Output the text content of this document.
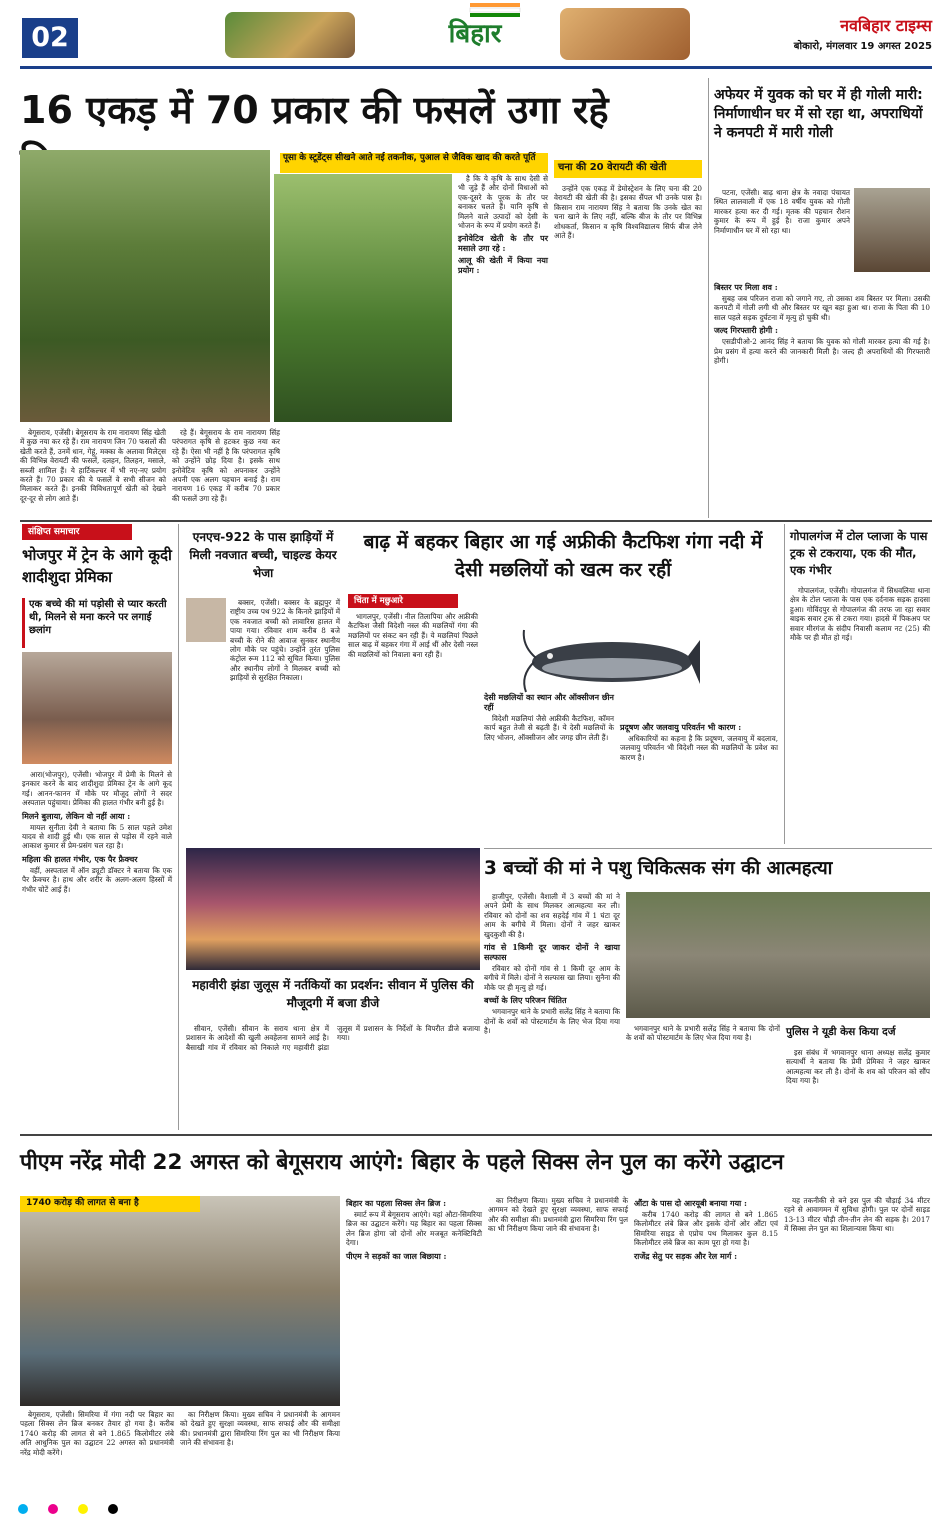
02	बिहार	नवबिहार टाइम्स
बोकारो, मंगलवार 19 अगस्त 2025
16 एकड़ में 70 प्रकार की फसलें उगा रहे
पूसा के स्टूडेंट्स सीखने आते नई तकनीक, पुआल से जैविक खाद की करते पूर्ति

बेगूसराय, एजेंसी। बेगूसराय के राम नारायण सिंह खेती में कुछ नया कर रहे हैं। राम नारायण जिन 70 फसलों की खेती करते हैं, उनमें धान, गेहूं, मक्का के अलावा मिलेट्स की विभिन्न वेरायटी की फसलें, दलहन, तिलहन, मसाले, सब्जी शामिल हैं। ये हार्टिकल्चर में भी नए-नए प्रयोग करते हैं। 70 प्रकार की ये फसलें वे सभी सीजन को मिलाकर करते हैं। इनकी विविधतापूर्ण खेती को देखने दूर-दूर से लोग आते हैं।

रहे हैं। बेगूसराय के राम नारायण सिंह परंपरागत कृषि से हटकर कुछ नया कर रहे हैं। ऐसा भी नहीं है कि परंपरागत कृषि को उन्होंने छोड़ दिया है। इसके साथ इनोवेटिव कृषि को अपनाकर उन्होंने अपनी एक अलग पहचान बनाई है। राम नारायण 16 एकड़ में करीब 70 प्रकार की फसलें उगा रहे हैं।

है कि ये कृषि के साथ देसी से भी जुड़े हैं और दोनों विधाओं को एक-दूसरे के पूरक के तौर पर बनाकर चलते हैं। यानि कृषि से मिलने वाले उत्पादों को देसी के भोजन के रूप में प्रयोग करते हैं।

इनोवेटिव खेती के तौर पर मसाले उगा रहे :
आलू की खेती में किया नया प्रयोग :
चना की 20 वेरायटी की खेती

उन्होंने एक एकड़ में डेमोस्ट्रेशन के लिए चना की 20 वेरायटी की खेती की है। इसका सैंपल भी उनके पास है। किसान राम नारायण सिंह ने बताया कि उनके खेत का चना खाने के लिए नहीं, बल्कि बीज के तौर पर विभिन्न शोधकर्ता, किसान व कृषि विश्वविद्यालय सिर्फ बीज लेने आते हैं।

अफेयर में युवक को घर में ही गोली मारी: निर्माणाधीन घर में सो रहा था, अपराधियों ने कनपटी में मारी गोली

पटना, एजेंसी। बाढ़ थाना क्षेत्र के नवादा पंचायत स्थित लालवाली में एक 18 वर्षीय युवक को गोली मारकर हत्या कर दी गई। मृतक की पहचान रौशन कुमार के रूप में हुई है। राजा कुमार अपने निर्माणाधीन घर में सो रहा था।

बिस्तर पर मिला शव :

सुबह जब परिजन राजा को जगाने गए, तो उसका शव बिस्तर पर मिला। उसकी कनपटी में गोली लगी थी और बिस्तर पर खून बहा हुआ था। राजा के पिता की 10 साल पहले सड़क दुर्घटना में मृत्यु हो चुकी थी।

जल्द गिरफ्तारी होगी :

एसडीपीओ-2 आनंद सिंह ने बताया कि युवक को गोली मारकर हत्या की गई है। प्रेम प्रसंग में हत्या करने की जानकारी मिली है। जल्द ही अपराधियों की गिरफ्तारी होगी।

संक्षिप्त समाचार
भोजपुर में ट्रेन के आगे कूदी शादीशुदा प्रेमिका
एक बच्चे की मां पड़ोसी से प्यार करती थी, मिलने से मना करने पर लगाई छलांग

आरा(भोजपुर), एजेंसी। भोजपुर में प्रेमी के मिलने से इनकार करने के बाद शादीशुदा प्रेमिका ट्रेन के आगे कूद गई। आनन-फानन में मौके पर मौजूद लोगों ने सदर अस्पताल पहुंचाया। प्रेमिका की हालत गंभीर बनी हुई है।

मिलने बुलाया, लेकिन वो नहीं आया :

मायल सुनीता देवी ने बताया कि 5 साल पहले उमेश यादव से शादी हुई थी। एक साल से पड़ोस में रहने वाले आकाश कुमार से प्रेम-प्रसंग चल रहा है।

महिला की हालत गंभीर, एक पैर फ्रैक्चर

वहीं, अस्पताल में ऑन ड्यूटी डॉक्टर ने बताया कि एक पैर फ्रैक्चर है। हाथ और शरीर के अलग-अलग हिस्सों में गंभीर चोटें आई हैं।

एनएच-922 के पास झाड़ियों में मिली नवजात बच्ची, चाइल्ड केयर भेजा

बक्सर, एजेंसी। बक्सर के ब्रह्मपुर में राष्ट्रीय उच्च पथ 922 के किनारे झाड़ियों में एक नवजात बच्ची को लावारिस हालत में पाया गया। रविवार शाम करीब 8 बजे बच्ची के रोने की आवाज सुनकर स्थानीय लोग मौके पर पहुंचे। उन्होंने तुरंत पुलिस कंट्रोल रूम 112 को सूचित किया। पुलिस और स्थानीय लोगों ने मिलकर बच्ची को झाड़ियों से सुरक्षित निकाला।

महावीरी झंडा जुलूस में नर्तकियों का प्रदर्शन: सीवान में पुलिस की मौजूदगी में बजा डीजे

सीवान, एजेंसी। सीवान के सराय थाना क्षेत्र में प्रशासन के आदेशों की खुली अवहेलना सामने आई है। बैसाखी गांव में रविवार को निकाले गए महावीरी झंडा जुलूस में प्रशासन के निर्देशों के विपरीत डीजे बजाया गया।

बाढ़ में बहकर बिहार आ गई अफ्रीकी कैटफिश गंगा नदी में देसी मछलियों को खत्म कर रहीं
चिंता में मछुआरे

भागलपुर, एजेंसी। नील तिलापिया और अफ्रीकी कैटफिश जैसी विदेशी नस्ल की मछलियों गंगा की मछलियों पर संकट बन रही हैं। ये मछलियां पिछले साल बाढ़ में बहकर गंगा में आई थीं और देसी नस्ल की मछलियों को निवाला बना रही हैं।

देसी मछलियों का स्थान और ऑक्सीजन छीन रहीं

विदेशी मछलियां जैसे अफ्रीकी कैटफिश, कॉमन कार्प बहुत तेजी से बढ़ती हैं। ये देसी मछलियों के लिए भोजन, ऑक्सीजन और जगह छीन लेती हैं।

प्रदूषण और जलवायु परिवर्तन भी कारण :

अधिकारियों का कहना है कि प्रदूषण, जलवायु में बदलाव, जलवायु परिवर्तन भी विदेशी नस्ल की मछलियों के प्रवेश का कारण है।

गोपालगंज में टोल प्लाजा के पास ट्रक से टकराया, एक की मौत, एक गंभीर

गोपालगंज, एजेंसी। गोपालगंज में सिधवलिया थाना क्षेत्र के टोल प्लाजा के पास एक दर्दनाक सड़क हादसा हुआ। गोविंदपुर से गोपालगंज की तरफ जा रहा सवार बाइक सवार ट्रक से टकरा गया। हादसे में पिकअप पर सवार मीरगंज के संदीप निवासी कलाम नट (25) की मौके पर ही मौत हो गई।

3 बच्चों की मां ने पशु चिकित्सक संग की आत्महत्या

हाजीपुर, एजेंसी। वैशाली में 3 बच्चों की मां ने अपने प्रेमी के साथ मिलकर आत्महत्या कर ली। रविवार को दोनों का शव सहदेई गांव में 1 घंटा दूर आम के बगीचे में मिला। दोनों ने जहर खाकर खुदकुशी की है।

गांव से 1किमी दूर जाकर दोनों ने खाया सल्फास

रविवार को दोनों गांव से 1 किमी दूर आम के बगीचे में मिले। दोनों ने सल्फास खा लिया। सुनैना की मौके पर ही मृत्यु हो गई।

बच्चों के लिए परिजन चिंतित

भगवानपुर थाने के प्रभारी सलेंद्र सिंह ने बताया कि दोनों के शवों को पोस्टमार्टम के लिए भेज दिया गया है।	पुलिस ने यूडी केस किया दर्ज

इस संबंध में भगवानपुर थाना अध्यक्ष सलेंद्र कुमार सत्यार्थी ने बताया कि प्रेमी प्रेमिका ने जहर खाकर आत्महत्या कर ली है। दोनों के शव को परिजन को सौंप दिया गया है।

भगवानपुर थाने के प्रभारी सलेंद्र सिंह ने बताया कि दोनों के शवों को पोस्टमार्टम के लिए भेज दिया गया है।

पीएम नरेंद्र मोदी 22 अगस्त को बेगूसराय आएंगे: बिहार के पहले सिक्स लेन पुल का करेंगे उद्घाटन
1740 करोड़ की लागत से बना है

बेगूसराय, एजेंसी। सिमरिया में गंगा नदी पर बिहार का पहला सिक्स लेन ब्रिज बनकर तैयार हो गया है। करीब 1740 करोड़ की लागत से बने 1.865 किलोमीटर लंबे अति आधुनिक पुल का उद्घाटन 22 अगस्त को प्रधानमंत्री नरेंद्र मोदी करेंगे।

का निरीक्षण किया। मुख्य सचिव ने प्रधानमंत्री के आगमन को देखते हुए सुरक्षा व्यवस्था, साफ सफाई और की समीक्षा की। प्रधानमंत्री द्वारा सिमरिया रिंग पुल का भी निरीक्षण किया जाने की संभावना है।

बिहार का पहला सिक्स लेन ब्रिज :

स्मार्ट रूप में बेगूसराय आएंगे। यहां औटा-सिमरिया ब्रिज का उद्घाटन करेंगे। यह बिहार का पहला सिक्स लेन ब्रिज होगा जो दोनों ओर मजबूत कनेक्टिविटी देगा।

पीएम ने सड़कों का जाल बिछाया :

का निरीक्षण किया। मुख्य सचिव ने प्रधानमंत्री के आगमन को देखते हुए सुरक्षा व्यवस्था, साफ सफाई और की समीक्षा की। प्रधानमंत्री द्वारा सिमरिया रिंग पुल का भी निरीक्षण किया जाने की संभावना है।

औंटा के पास दो आरयूबी बनाया गया :

करीब 1740 करोड़ की लागत से बने 1.865 किलोमीटर लंबे ब्रिज और इसके दोनों ओर औंटा एवं सिमरिया साइड से एप्रोच पथ मिलाकर कुल 8.15 किलोमीटर लंबे ब्रिज का काम पूरा हो गया है।

राजेंद्र सेतु पर सड़क और रेल मार्ग :

यह तकनीकी से बने इस पुल की चौड़ाई 34 मीटर रहने से आवागमन में सुविधा होगी। पुल पर दोनों साइड 13-13 मीटर चौड़ी तीन-तीन लेन की सड़क है। 2017 में सिक्स लेन पुल का शिलान्यास किया था।
